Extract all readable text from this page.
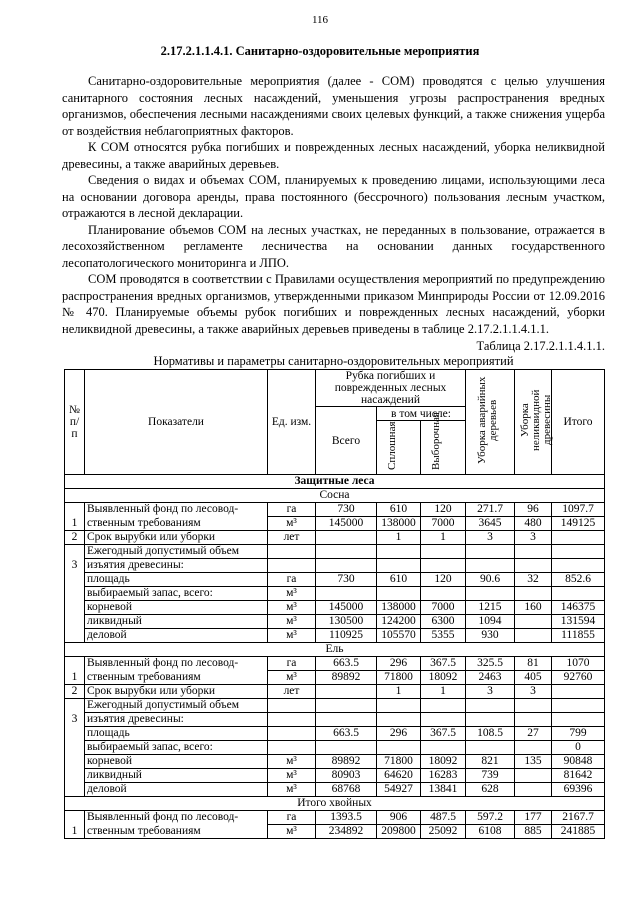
116
2.17.2.1.1.4.1. Санитарно-оздоровительные мероприятия

Санитарно-оздоровительные мероприятия (далее - СОМ) проводятся с целью улучшения санитарного состояния лесных насаждений, уменьшения угрозы распространения вредных организмов, обеспечения лесными насаждениями своих целевых функций, а также снижения ущерба от воздействия неблагоприятных факторов.

К СОМ относятся рубка погибших и поврежденных лесных насаждений, уборка неликвидной древесины, а также аварийных деревьев.

Сведения о видах и объемах СОМ, планируемых к проведению лицами, использующими леса на основании договора аренды, права постоянного (бессрочного) пользования лесным участком, отражаются в лесной декларации.

Планирование объемов СОМ на лесных участках, не переданных в пользование, отражается в лесохозяйственном регламенте лесничества на основании данных государственного лесопатологического мониторинга и ЛПО.

СОМ проводятся в соответствии с Правилами осуществления мероприятий по предупреждению распространения вредных организмов, утвержденными приказом Минприроды России от 12.09.2016 № 470. Планируемые объемы рубок погибших и поврежденных лесных насаждений, уборки неликвидной древесины, а также аварийных деревьев приведены в таблице 2.17.2.1.1.4.1.1.

Таблица 2.17.2.1.1.4.1.1.
Нормативы и параметры санитарно-оздоровительных мероприятий
№ п/п	Показатели	Ед. изм.	Рубка погибших и поврежденных лесных насаждений			Уборка аварийных деревьев	Уборка неликвидной древесины	Итого
			Всего	в том числе:				
				Сплошная	Выборочная			
Защитные леса								
Сосна								
	Выявленный фонд по лесовод-	га	730	610	120	271.7	96	1097.7
1	ственным требованиям	м³	145000	138000	7000	3645	480	149125
2	Срок вырубки или уборки	лет		1	1	3	3	
	Ежегодный допустимый объем							
3	изъятия древесины:							
	площадь	га	730	610	120	90.6	32	852.6
	выбираемый запас, всего:	м³						
	корневой	м³	145000	138000	7000	1215	160	146375
	ликвидный	м³	130500	124200	6300	1094		131594
	деловой	м³	110925	105570	5355	930		111855
Ель								
	Выявленный фонд по лесовод-	га	663.5	296	367.5	325.5	81	1070
1	ственным требованиям	м³	89892	71800	18092	2463	405	92760
2	Срок вырубки или уборки	лет		1	1	3	3	
	Ежегодный допустимый объем							
3	изъятия древесины:							
	площадь		663.5	296	367.5	108.5	27	799
	выбираемый запас, всего:							0
	корневой	м³	89892	71800	18092	821	135	90848
	ликвидный	м³	80903	64620	16283	739		81642
	деловой	м³	68768	54927	13841	628		69396
Итого хвойных								
	Выявленный фонд по лесовод-	га	1393.5	906	487.5	597.2	177	2167.7
1	ственным требованиям	м³	234892	209800	25092	6108	885	241885
